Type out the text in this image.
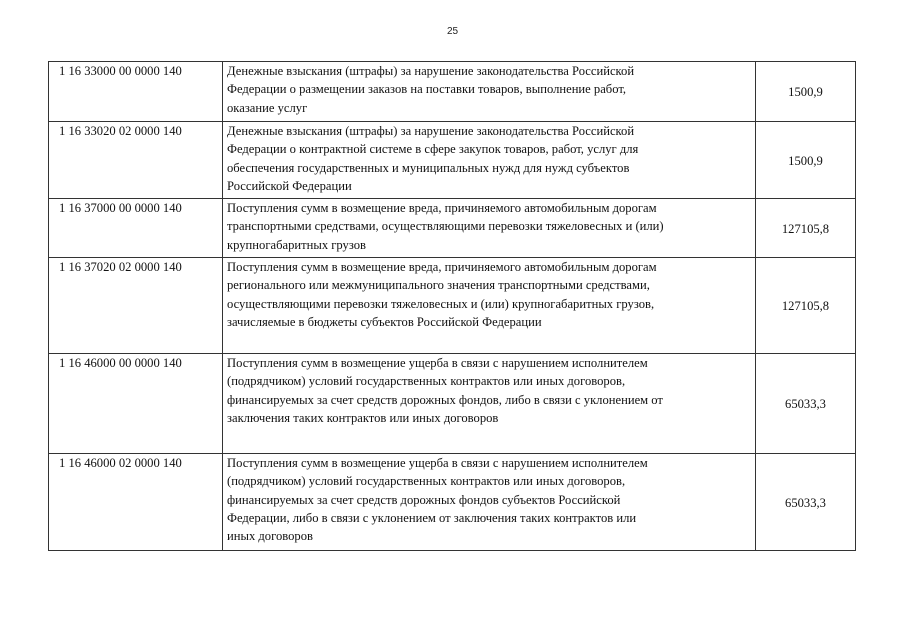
25
1 16 33000 00 0000 140	Денежные взыскания (штрафы) за нарушение законодательства Российской
Федерации о размещении заказов на поставки товаров, выполнение работ,
оказание услуг	1500,9
1 16 33020 02 0000 140	Денежные взыскания (штрафы) за нарушение законодательства Российской
Федерации о контрактной системе в сфере закупок товаров, работ, услуг для
обеспечения государственных и муниципальных нужд для нужд субъектов
Российской Федерации	1500,9
1 16 37000 00 0000 140	Поступления сумм в возмещение вреда, причиняемого автомобильным дорогам
транспортными средствами, осуществляющими перевозки тяжеловесных и (или)
крупногабаритных грузов	127105,8
1 16 37020 02 0000 140	Поступления сумм в возмещение вреда, причиняемого автомобильным дорогам
регионального или межмуниципального значения транспортными средствами,
осуществляющими перевозки тяжеловесных и (или) крупногабаритных грузов,
зачисляемые в бюджеты субъектов Российской Федерации	127105,8
1 16 46000 00 0000 140	Поступления сумм в возмещение ущерба в связи с нарушением исполнителем
(подрядчиком) условий государственных контрактов или иных договоров,
финансируемых за счет средств дорожных фондов, либо в связи с уклонением от
заключения таких контрактов или иных договоров	65033,3
1 16 46000 02 0000 140	Поступления сумм в возмещение ущерба в связи с нарушением исполнителем
(подрядчиком) условий государственных контрактов или иных договоров,
финансируемых за счет средств дорожных фондов субъектов Российской
Федерации, либо в связи с уклонением от заключения таких контрактов или
иных договоров	65033,3
